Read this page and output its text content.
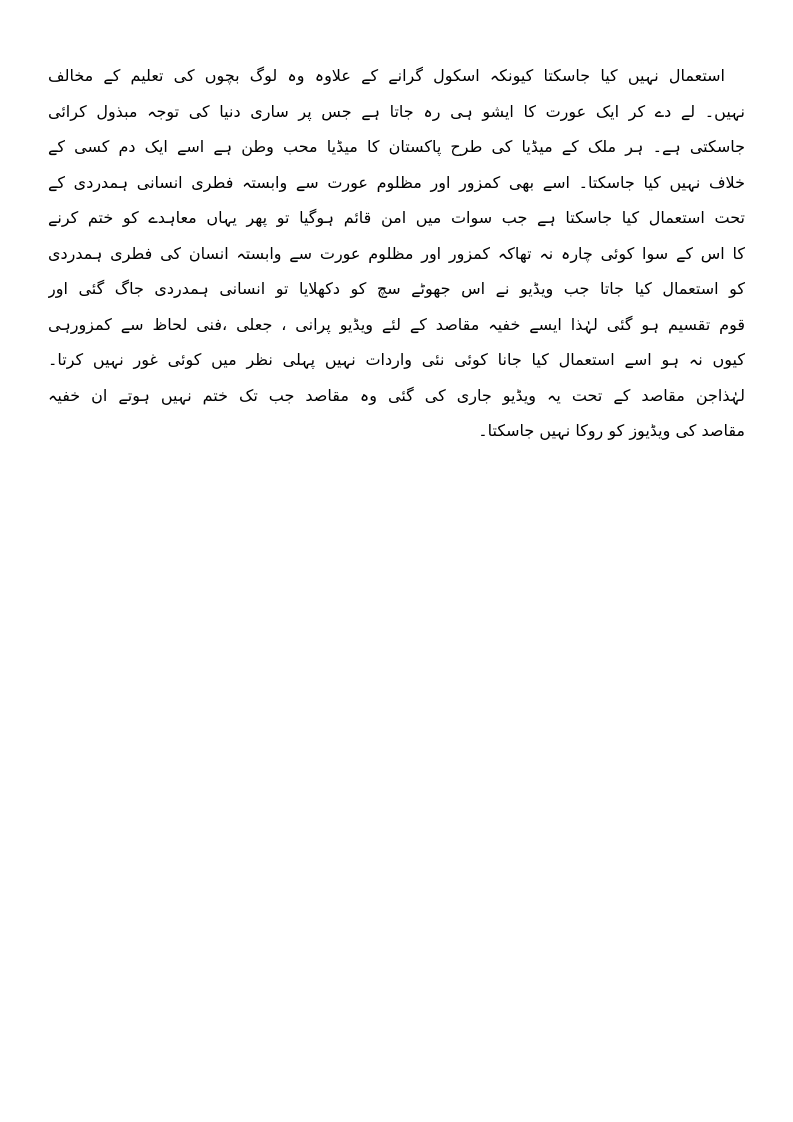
استعمال نہیں کیا جاسکتا کیونکہ اسکول گرانے کے علاوہ وہ لوگ بچوں کی تعلیم کے مخالف
نہیں۔ لے دے کر ایک عورت کا ایشو ہی رہ جاتا ہے جس پر ساری دنیا کی توجہ مبذول کرائی
جاسکتی ہے۔ ہر ملک کے میڈیا کی طرح پاکستان کا میڈیا محب وطن ہے اسے ایک دم کسی کے
خلاف نہیں کیا جاسکتا۔ اسے بھی کمزور اور مظلوم عورت سے وابستہ فطری انسانی ہمدردی کے
تحت استعمال کیا جاسکتا ہے جب سوات میں امن قائم ہوگیا تو پھر یہاں معاہدے کو ختم کرنے
کا اس کے سوا کوئی چارہ نہ تھاکہ کمزور اور مظلوم عورت سے وابستہ انسان کی فطری ہمدردی
کو استعمال کیا جاتا جب ویڈیو نے اس جھوٹے سچ کو دکھلایا تو انسانی ہمدردی جاگ گئی اور
قوم تقسیم ہو گئی لہٰذا ایسے خفیہ مقاصد کے لئے ویڈیو پرانی ، جعلی ،فنی لحاظ سے کمزورہی
کیوں نہ ہو اسے استعمال کیا جانا کوئی نئی واردات نہیں پہلی نظر میں کوئی غور نہیں کرتا۔
لہٰذاجن مقاصد کے تحت یہ ویڈیو جاری کی گئی وہ مقاصد جب تک ختم نہیں ہوتے ان خفیہ
مقاصد کی ویڈیوز کو روکا نہیں جاسکتا۔
